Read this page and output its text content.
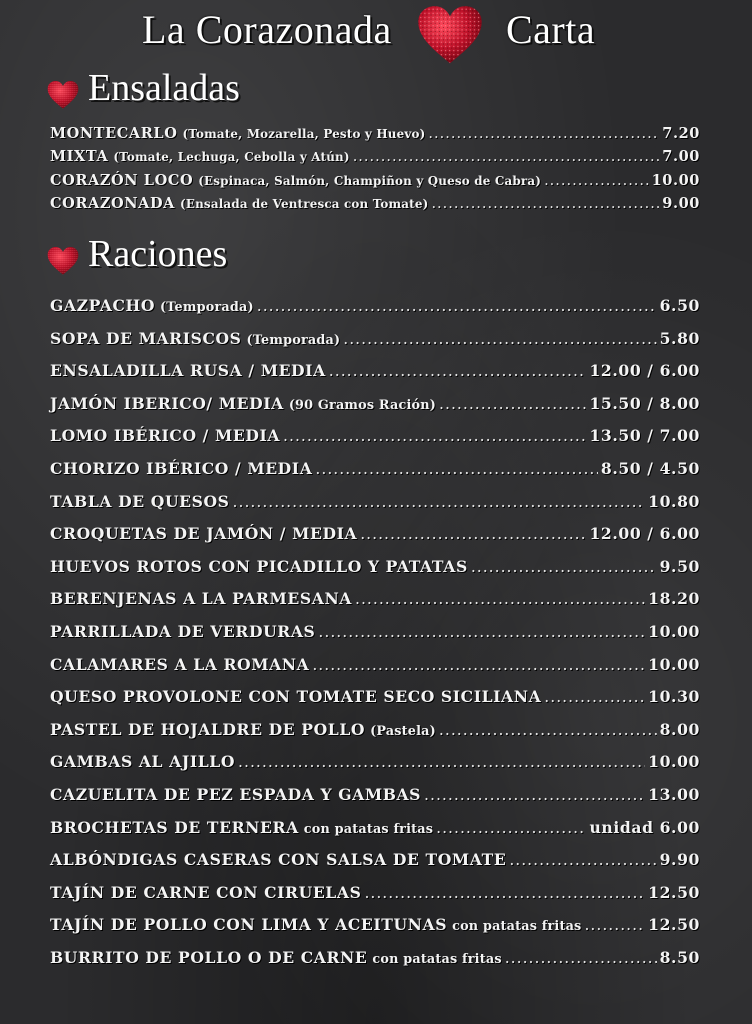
La Corazonada	Carta
Ensaladas
MONTECARLO (Tomate, Mozarella, Pesto y Huevo) .....	7.20
MIXTA (Tomate, Lechuga, Cebolla y Atún) .....	7.00
CORAZÓN LOCO (Espinaca, Salmón, Champiñon y Queso de Cabra) .....	10.00
CORAZONADA (Ensalada de Ventresca con Tomate) .....	9.00
Raciones
GAZPACHO (Temporada) .....	6.50
SOPA DE MARISCOS (Temporada) .....	5.80
ENSALADILLA RUSA / MEDIA .....	12.00 / 6.00
JAMÓN IBERICO/ MEDIA (90 Gramos Ración) .....	15.50 / 8.00
LOMO IBÉRICO / MEDIA .....	13.50 / 7.00
CHORIZO IBÉRICO / MEDIA .....	8.50 / 4.50
TABLA DE QUESOS .....	10.80
CROQUETAS DE JAMÓN / MEDIA .....	12.00 / 6.00
HUEVOS ROTOS CON PICADILLO Y PATATAS .....	9.50
BERENJENAS A LA PARMESANA .....	18.20
PARRILLADA DE VERDURAS .....	10.00
CALAMARES A LA ROMANA .....	10.00
QUESO PROVOLONE CON TOMATE SECO SICILIANA .....	10.30
PASTEL DE HOJALDRE DE POLLO (Pastela) .....	8.00
GAMBAS AL AJILLO .....	10.00
CAZUELITA DE PEZ ESPADA Y GAMBAS .....	13.00
BROCHETAS DE TERNERA con patatas fritas .....	unidad 6.00
ALBÓNDIGAS CASERAS CON SALSA DE TOMATE .....	9.90
TAJÍN DE CARNE CON CIRUELAS .....	12.50
TAJÍN DE POLLO CON LIMA Y ACEITUNAS con patatas fritas .....	12.50
BURRITO DE POLLO O DE CARNE con patatas fritas .....	8.50
